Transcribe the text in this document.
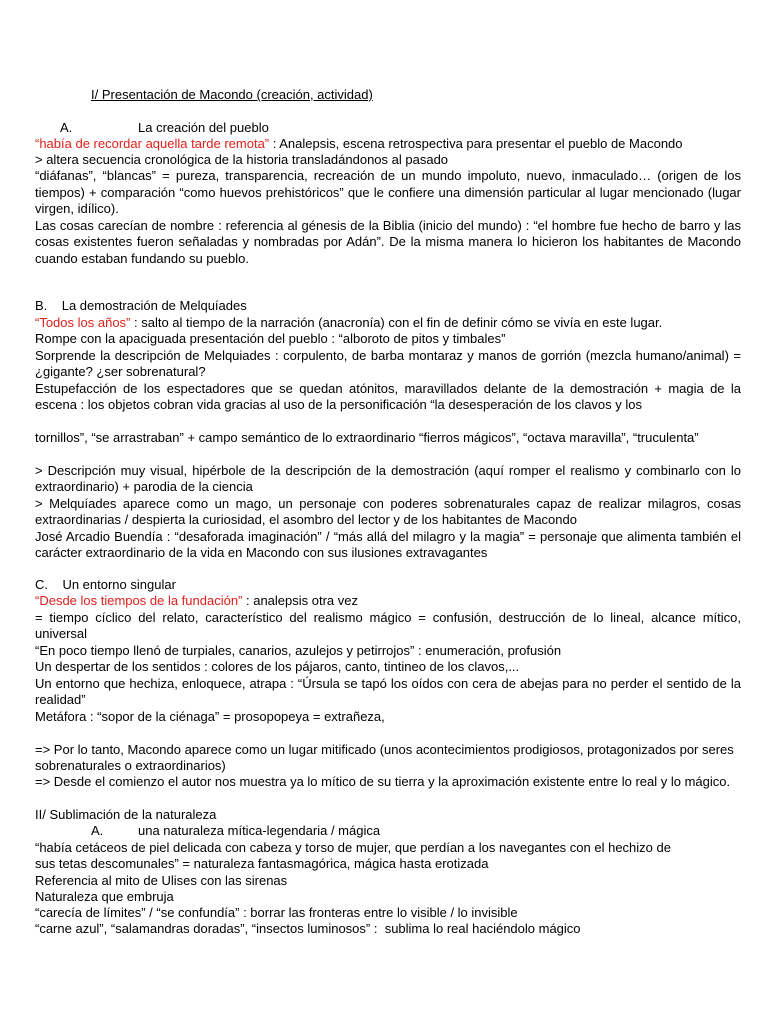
I/ Presentación de Macondo (creación, actividad)
A.	La creación del pueblo
“había de recordar aquella tarde remota” : Analepsis, escena retrospectiva para presentar el pueblo de Macondo
> altera secuencia cronológica de la historia transladándonos al pasado
“diáfanas”, “blancas” = pureza, transparencia, recreación de un mundo impoluto, nuevo, inmaculado… (origen de los
tiempos) + comparación “como huevos prehistóricos” que le confiere una dimensión particular al lugar mencionado (lugar
virgen, idílico).
Las cosas carecían de nombre : referencia al génesis de la Biblia (inicio del mundo) : “el hombre fue hecho de barro y las
cosas existentes fueron señaladas y nombradas por Adán”. De la misma manera lo hicieron los habitantes de Macondo
cuando estaban fundando su pueblo.
B.    La demostración de Melquíades
“Todos los años” : salto al tiempo de la narración (anacronía) con el fin de definir cómo se vivía en este lugar.
Rompe con la apaciguada presentación del pueblo : “alboroto de pitos y timbales”
Sorprende la descripción de Melquiades : corpulento, de barba montaraz y manos de gorrión (mezcla humano/animal) =
¿gigante? ¿ser sobrenatural?
Estupefacción de los espectadores que se quedan atónitos, maravillados delante de la demostración + magia de la
escena : los objetos cobran vida gracias al uso de la personificación “la desesperación de los clavos y los
tornillos”, “se arrastraban” + campo semántico de lo extraordinario “fierros mágicos”, “octava maravilla”, “truculenta”
> Descripción muy visual, hipérbole de la descripción de la demostración (aquí romper el realismo y combinarlo con lo
extraordinario) + parodia de la ciencia
> Melquíades aparece como un mago, un personaje con poderes sobrenaturales capaz de realizar milagros, cosas
extraordinarias / despierta la curiosidad, el asombro del lector y de los habitantes de Macondo
José Arcadio Buendía : “desaforada imaginación” / “más allá del milagro y la magia” = personaje que alimenta también el
carácter extraordinario de la vida en Macondo con sus ilusiones extravagantes
C.    Un entorno singular
“Desde los tiempos de la fundación” : analepsis otra vez
= tiempo cíclico del relato, característico del realismo mágico = confusión, destrucción de lo lineal, alcance mítico,
universal
“En poco tiempo llenó de turpiales, canarios, azulejos y petirrojos” : enumeración, profusión
Un despertar de los sentidos : colores de los pájaros, canto, tintineo de los clavos,...
Un entorno que hechiza, enloquece, atrapa : “Úrsula se tapó los oídos con cera de abejas para no perder el sentido de la
realidad”
Metáfora : “sopor de la ciénaga” = prosopopeya = extrañeza,
=> Por lo tanto, Macondo aparece como un lugar mitificado (unos acontecimientos prodigiosos, protagonizados por seres
sobrenaturales o extraordinarios)
=> Desde el comienzo el autor nos muestra ya lo mítico de su tierra y la aproximación existente entre lo real y lo mágico.
II/ Sublimación de la naturaleza
A.	una naturaleza mítica-legendaria / mágica
“había cetáceos de piel delicada con cabeza y torso de mujer, que perdían a los navegantes con el hechizo de
sus tetas descomunales” = naturaleza fantasmagórica, mágica hasta erotizada
Referencia al mito de Ulises con las sirenas
Naturaleza que embruja
“carecía de límites” / “se confundía” : borrar las fronteras entre lo visible / lo invisible
“carne azul”, “salamandras doradas”, “insectos luminosos” :  sublima lo real haciéndolo mágico
